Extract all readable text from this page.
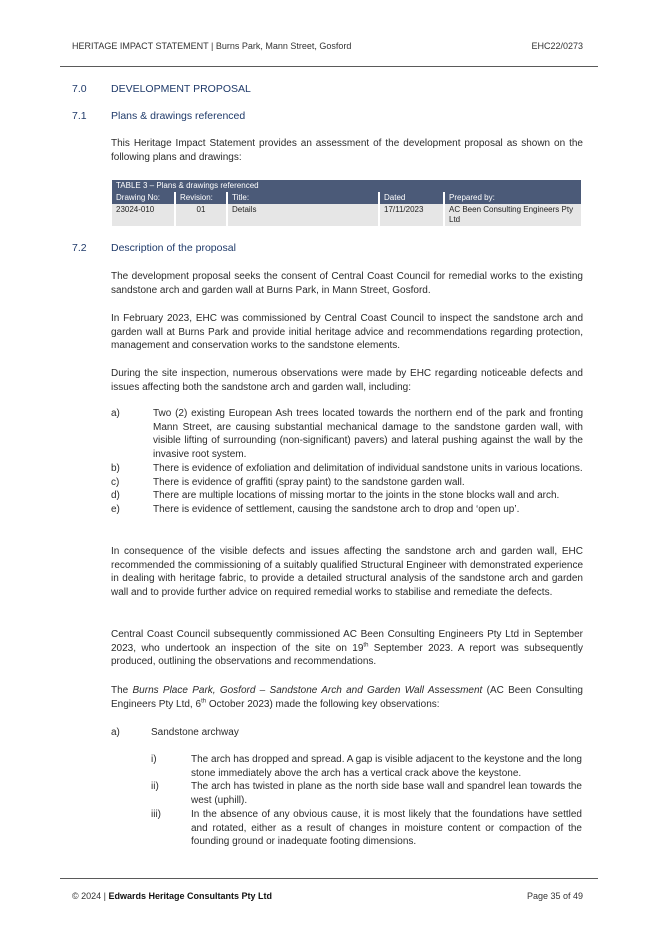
HERITAGE IMPACT STATEMENT | Burns Park, Mann Street, Gosford	EHC22/0273
7.0 DEVELOPMENT PROPOSAL
7.1 Plans & drawings referenced
This Heritage Impact Statement provides an assessment of the development proposal as shown on the following plans and drawings:
TABLE 3 – Plans & drawings referenced				
Drawing No:	Revision:	Title:	Dated	Prepared by:
23024-010	01	Details	17/11/2023	AC Been Consulting Engineers Pty Ltd
7.2 Description of the proposal
The development proposal seeks the consent of Central Coast Council for remedial works to the existing sandstone arch and garden wall at Burns Park, in Mann Street, Gosford.
In February 2023, EHC was commissioned by Central Coast Council to inspect the sandstone arch and garden wall at Burns Park and provide initial heritage advice and recommendations regarding protection, management and conservation works to the sandstone elements.
During the site inspection, numerous observations were made by EHC regarding noticeable defects and issues affecting both the sandstone arch and garden wall, including:
a)	Two (2) existing European Ash trees located towards the northern end of the park and fronting Mann Street, are causing substantial mechanical damage to the sandstone garden wall, with visible lifting of surrounding (non-significant) pavers) and lateral pushing against the wall by the invasive root system.
b)	There is evidence of exfoliation and delimitation of individual sandstone units in various locations.
c)	There is evidence of graffiti (spray paint) to the sandstone garden wall.
d)	There are multiple locations of missing mortar to the joints in the stone blocks wall and arch.
e)	There is evidence of settlement, causing the sandstone arch to drop and ‘open up’.
In consequence of the visible defects and issues affecting the sandstone arch and garden wall, EHC recommended the commissioning of a suitably qualified Structural Engineer with demonstrated experience in dealing with heritage fabric, to provide a detailed structural analysis of the sandstone arch and garden wall and to provide further advice on required remedial works to stabilise and remediate the defects.
Central Coast Council subsequently commissioned AC Been Consulting Engineers Pty Ltd in September 2023, who undertook an inspection of the site on 19th September 2023. A report was subsequently produced, outlining the observations and recommendations.
The Burns Place Park, Gosford – Sandstone Arch and Garden Wall Assessment (AC Been Consulting Engineers Pty Ltd, 6th October 2023) made the following key observations:
a)	Sandstone archway
i)	The arch has dropped and spread. A gap is visible adjacent to the keystone and the long stone immediately above the arch has a vertical crack above the keystone.
ii)	The arch has twisted in plane as the north side base wall and spandrel lean towards the west (uphill).
iii)	In the absence of any obvious cause, it is most likely that the foundations have settled and rotated, either as a result of changes in moisture content or compaction of the founding ground or inadequate footing dimensions.
© 2024 | Edwards Heritage Consultants Pty Ltd	Page 35 of 49
